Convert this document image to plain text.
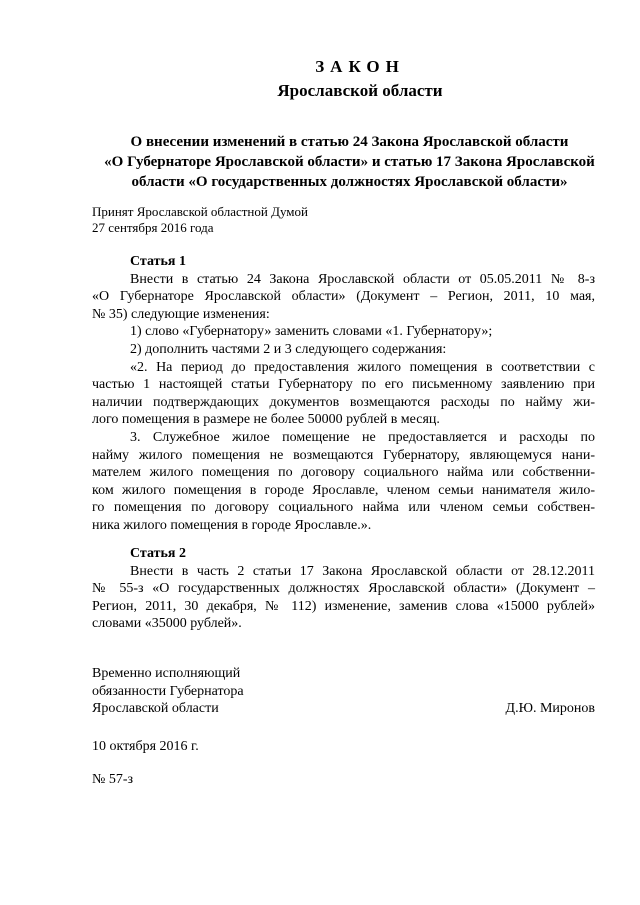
ЗАКОН
Ярославской области
О внесении изменений в статью 24 Закона Ярославской области
«О Губернаторе Ярославской области» и статью 17 Закона Ярославской
области «О государственных должностях Ярославской области»
Принят Ярославской областной Думой
27 сентября 2016 года

Статья 1

Внести в статью 24 Закона Ярославской области от 05.05.2011 № 8-з
«О Губернаторе Ярославской области» (Документ – Регион, 2011, 10 мая,
№ 35) следующие изменения:
1) слово «Губернатору» заменить словами «1. Губернатору»;
2) дополнить частями 2 и 3 следующего содержания:
«2. На период до предоставления жилого помещения в соответствии с
частью 1 настоящей статьи Губернатору по его письменному заявлению при
наличии подтверждающих документов возмещаются расходы по найму жи-
лого помещения в размере не более 50000 рублей в месяц.
3. Служебное жилое помещение не предоставляется и расходы по
найму жилого помещения не возмещаются Губернатору, являющемуся нани-
мателем жилого помещения по договору социального найма или собственни-
ком жилого помещения в городе Ярославле, членом семьи нанимателя жило-
го помещения по договору социального найма или членом семьи собствен-
ника жилого помещения в городе Ярославле.».

Статья 2

Внести в часть 2 статьи 17 Закона Ярославской области от 28.12.2011
№ 55-з «О государственных должностях Ярославской области» (Документ –
Регион, 2011, 30 декабря, № 112) изменение, заменив слова «15000 рублей»
словами «35000 рублей».
Временно исполняющий
обязанности Губернатора
Ярославской области	Д.Ю. Миронов
10 октября 2016 г.
№ 57-з
